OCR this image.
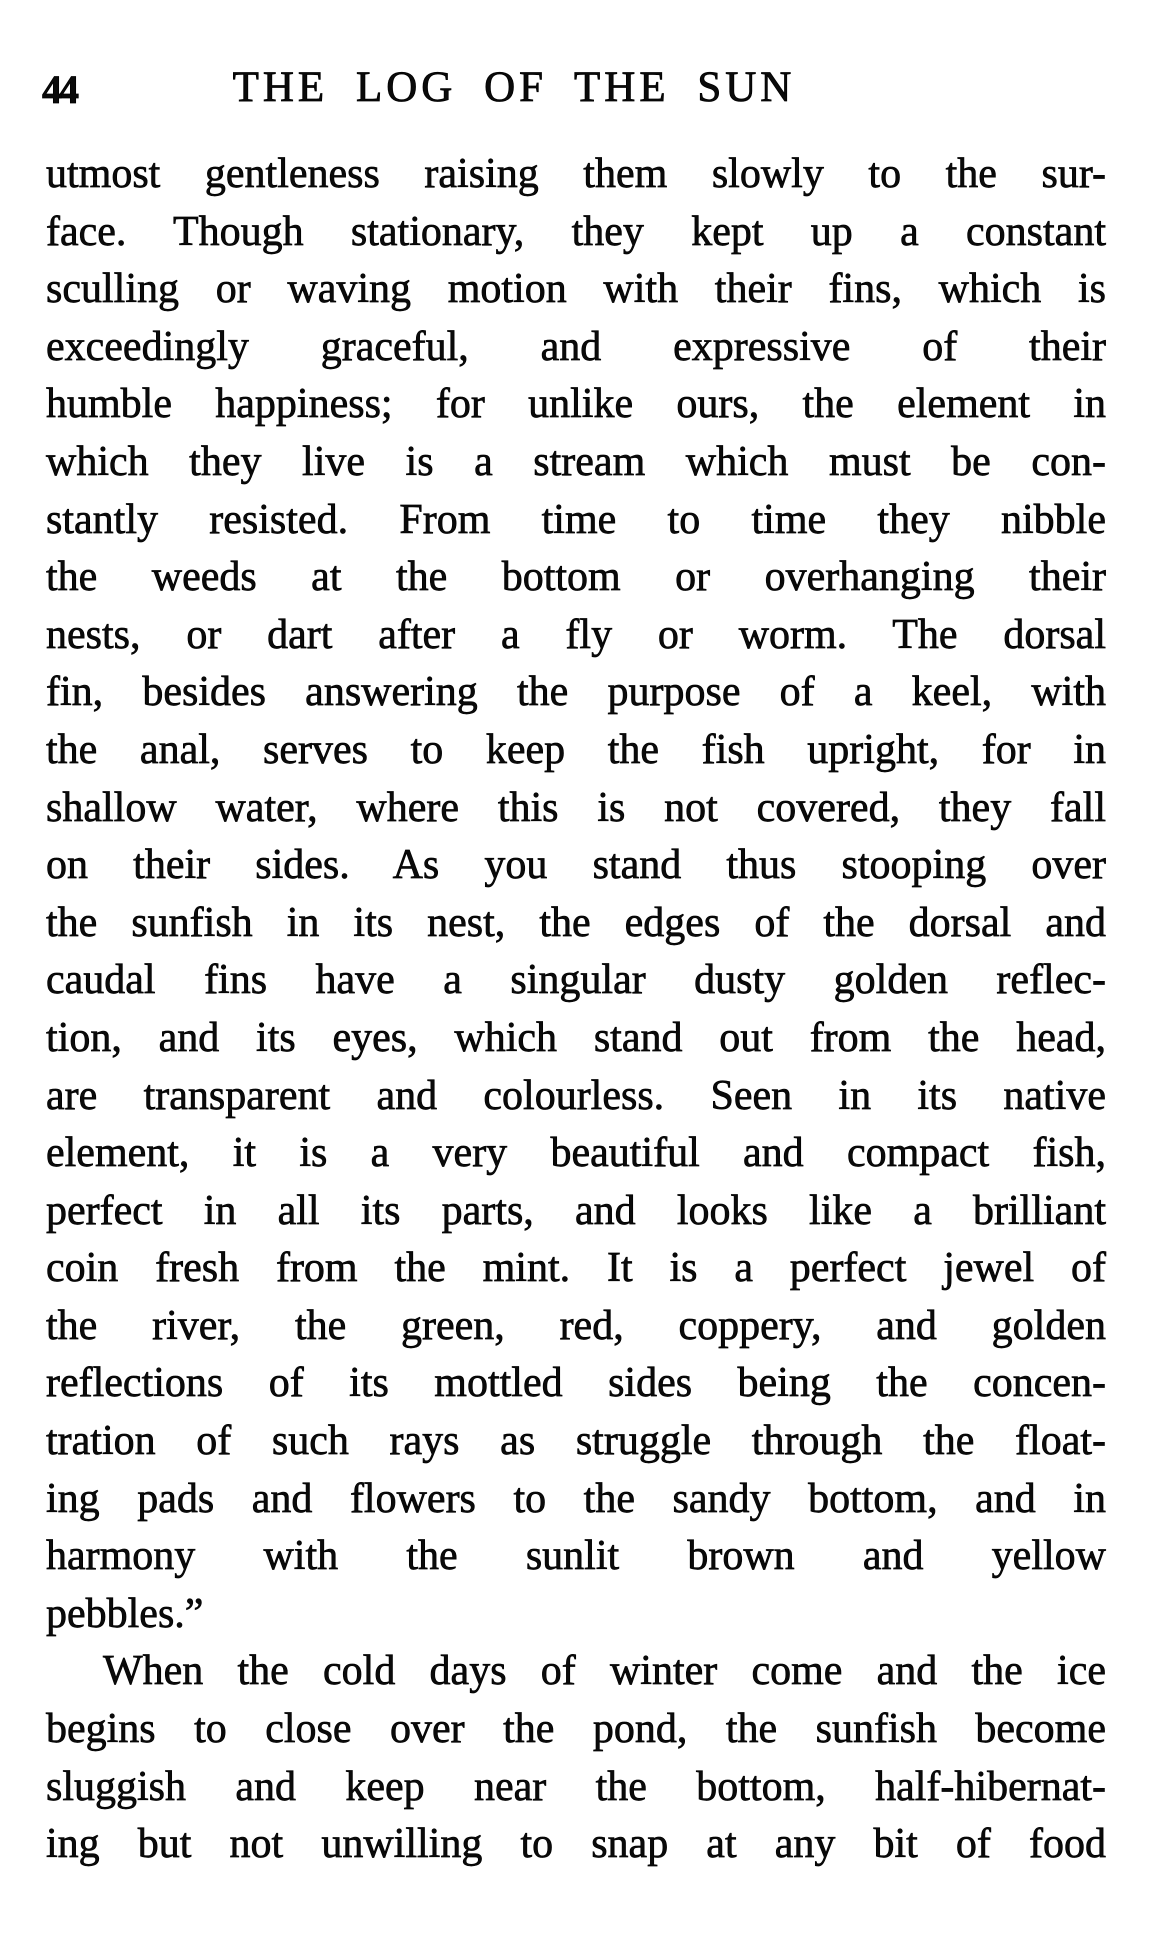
44	THE LOG OF THE SUN
utmost gentleness raising them slowly to the sur-
face. Though stationary, they kept up a constant
sculling or waving motion with their fins, which is
exceedingly graceful, and expressive of their
humble happiness; for unlike ours, the element in
which they live is a stream which must be con-
stantly resisted. From time to time they nibble
the weeds at the bottom or overhanging their
nests, or dart after a fly or worm. The dorsal
fin, besides answering the purpose of a keel, with
the anal, serves to keep the fish upright, for in
shallow water, where this is not covered, they fall
on their sides. As you stand thus stooping over
the sunfish in its nest, the edges of the dorsal and
caudal fins have a singular dusty golden reflec-
tion, and its eyes, which stand out from the head,
are transparent and colourless. Seen in its native
element, it is a very beautiful and compact fish,
perfect in all its parts, and looks like a brilliant
coin fresh from the mint. It is a perfect jewel of
the river, the green, red, coppery, and golden
reflections of its mottled sides being the concen-
tration of such rays as struggle through the float-
ing pads and flowers to the sandy bottom, and in
harmony with the sunlit brown and yellow
pebbles.”
When the cold days of winter come and the ice
begins to close over the pond, the sunfish become
sluggish and keep near the bottom, half-hibernat-
ing but not unwilling to snap at any bit of food
